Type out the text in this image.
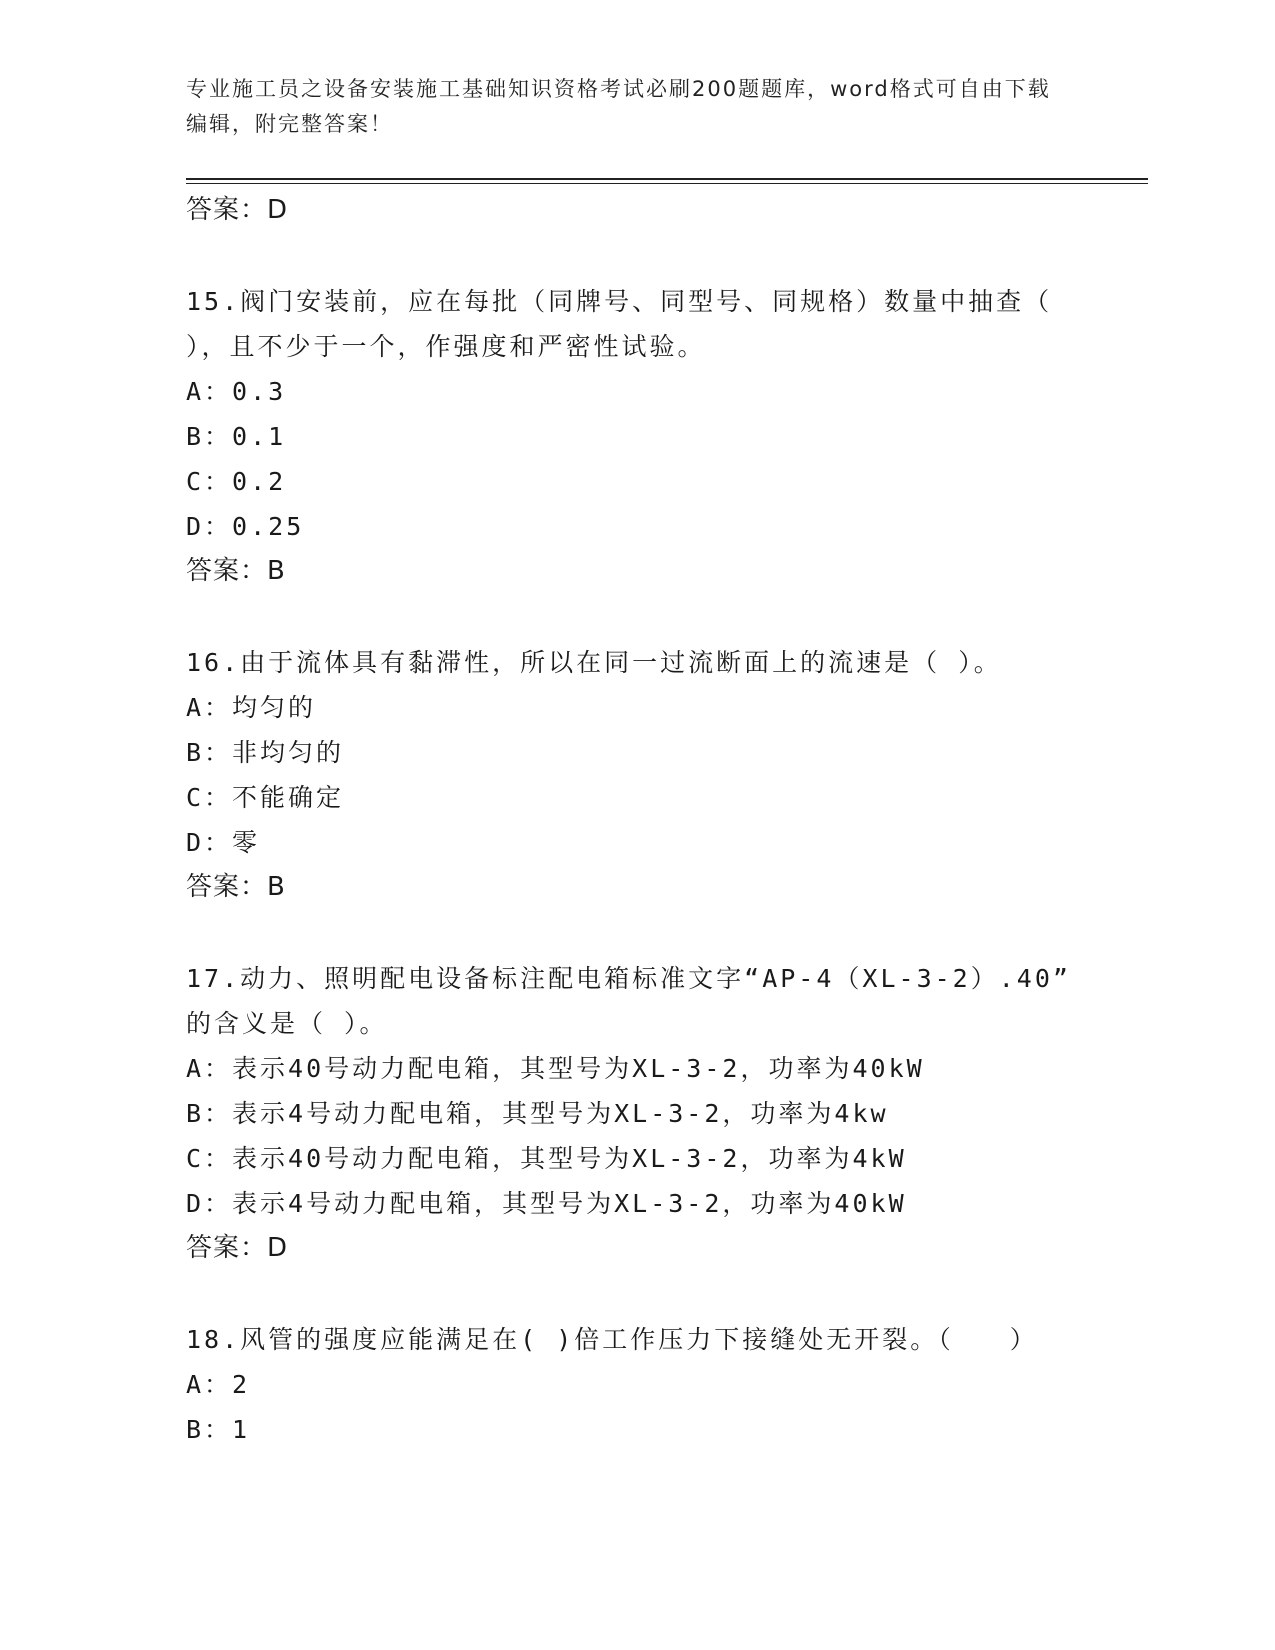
专业施工员之设备安装施工基础知识资格考试必刷200题题库，word格式可自由下载编辑，附完整答案！
答案：D
15.阀门安装前，应在每批（同牌号、同型号、同规格）数量中抽查（
），且不少于一个，作强度和严密性试验。
A：0.3
B：0.1
C：0.2
D：0.25
答案：B
16.由于流体具有黏滞性，所以在同一过流断面上的流速是（ ）。
A：均匀的
B：非均匀的
C：不能确定
D：零
答案：B
17.动力、照明配电设备标注配电箱标准文字“AP-4（XL-3-2）.40”
的含义是（ ）。
A：表示40号动力配电箱，其型号为XL-3-2，功率为40kW
B：表示4号动力配电箱，其型号为XL-3-2，功率为4kw
C：表示40号动力配电箱，其型号为XL-3-2，功率为4kW
D：表示4号动力配电箱，其型号为XL-3-2，功率为40kW
答案：D
18.风管的强度应能满足在( )倍工作压力下接缝处无开裂。（　　）
A：2
B：1
